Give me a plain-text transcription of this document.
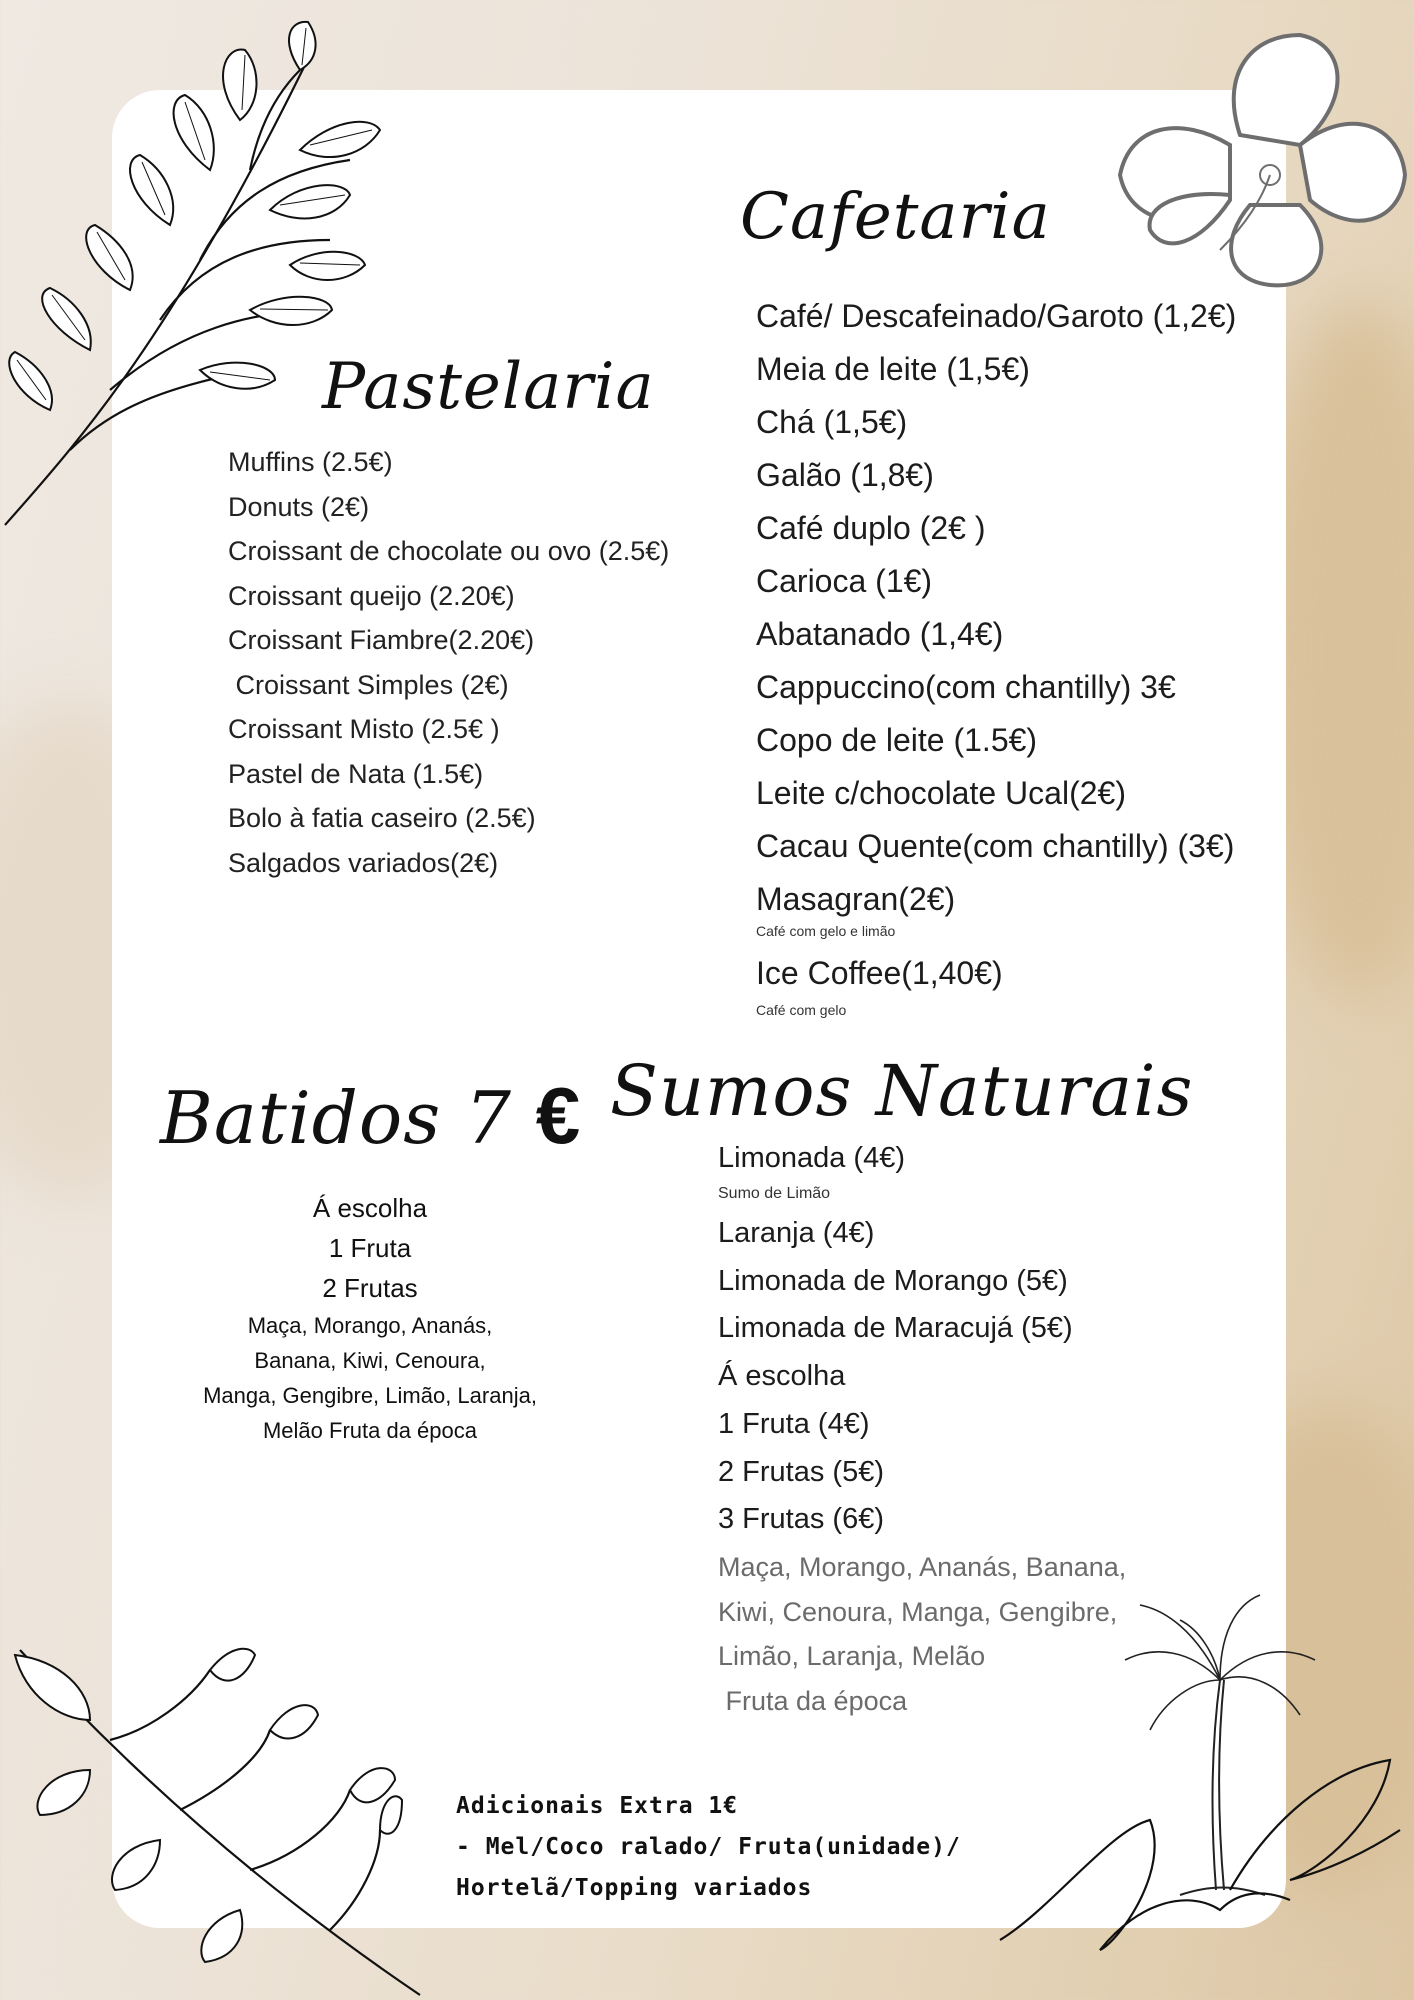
Pastelaria
Muffins (2.5€)
Donuts (2€)
Croissant de chocolate ou ovo (2.5€)
Croissant queijo (2.20€)
Croissant Fiambre(2.20€)
Croissant Simples (2€)
Croissant Misto (2.5€ )
Pastel de Nata (1.5€)
Bolo à fatia caseiro (2.5€)
Salgados variados(2€)
Cafetaria
Café/ Descafeinado/Garoto (1,2€)
Meia de leite (1,5€)
Chá (1,5€)
Galão (1,8€)
Café duplo (2€ )
Carioca (1€)
Abatanado (1,4€)
Cappuccino(com chantilly) 3€
Copo de leite (1.5€)
Leite c/chocolate Ucal(2€)
Cacau Quente(com chantilly) (3€)
Masagran(2€)
Café com gelo e limão
Ice Coffee(1,40€)
Café com gelo
Batidos 7 €
Á escolha
1 Fruta
2 Frutas
Maça, Morango, Ananás,
Banana, Kiwi, Cenoura,
Manga, Gengibre, Limão, Laranja,
Melão Fruta da época
Sumos Naturais
Limonada (4€)
Sumo de Limão
Laranja (4€)
Limonada de Morango (5€)
Limonada de Maracujá (5€)
Á escolha
1 Fruta (4€)
2 Frutas (5€)
3 Frutas (6€)
Maça, Morango, Ananás, Banana,
Kiwi, Cenoura, Manga, Gengibre,
Limão, Laranja, Melão
Fruta da época
Adicionais Extra 1€
- Mel/Coco ralado/ Fruta(unidade)/
Hortelã/Topping variados
